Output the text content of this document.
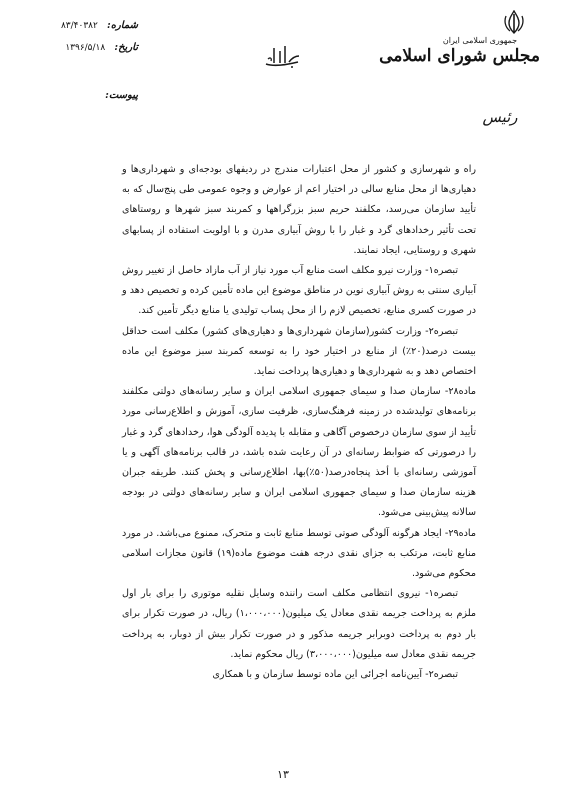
جمهوری اسلامی ایران
مجلس شورای اسلامی
رئیس
شماره: ۸۳/۴۰۳۸۲
تاریخ: ۱۳۹۶/۵/۱۸
پیوست:

راه و شهرسازی و کشور از محل اعتبارات مندرج در ردیفهای بودجه‌ای و شهرداری‌ها و دهیاری‌ها از محل منابع سالی در اختیار اعم از عوارض و وجوه عمومی طی پنج‌سال که به تأیید سازمان می‌رسد، مکلفند حریم سبز بزرگراهها و کمربند سبز شهرها و روستاهای تحت تأثیر رخدادهای گرد و غبار را با روش آبیاری مدرن و با اولویت استفاده از پسابهای شهری و روستایی، ایجاد نمایند.

تبصره۱- وزارت نیرو مکلف است منابع آب مورد نیاز از آب مازاد حاصل از تغییر روش آبیاری سنتی به روش آبیاری نوین در مناطق موضوع این ماده تأمین کرده و تخصیص دهد و در صورت کسری منابع، تخصیص لازم را از محل پساب تولیدی یا منابع دیگر تأمین کند.

تبصره۲- وزارت کشور(سازمان شهرداری‌ها و دهیاری‌های کشور) مکلف است حداقل بیست درصد(۲۰٪) از منابع در اختیار خود را به توسعه کمربند سبز موضوع این ماده اختصاص دهد و به شهرداری‌ها و دهیاری‌ها پرداخت نماید.

ماده۲۸- سازمان صدا و سیمای جمهوری اسلامی ایران و سایر رسانه‌های دولتی مکلفند برنامه‌های تولیدشده در زمینه فرهنگ‌سازی، ظرفیت سازی، آموزش و اطلاع‌رسانی مورد تأیید از سوی سازمان درخصوص آگاهی و مقابله با پدیده آلودگی هوا، رخدادهای گرد و غبار را درصورتی که ضوابط رسانه‌ای در آن رعایت شده باشد، در قالب برنامه‌های آگهی و یا آموزشی رسانه‌ای با أخذ پنجاه‌درصد(۵۰٪)بها، اطلاع‌رسانی و پخش کنند. طریقه جبران هزینه سازمان صدا و سیمای جمهوری اسلامی ایران و سایر رسانه‌های دولتی در بودجه سالانه پیش‌بینی می‌شود.

ماده۲۹- ایجاد هرگونه آلودگی صوتی توسط منابع ثابت و متحرک، ممنوع می‌باشد. در مورد منابع ثابت، مرتکب به جزای نقدی درجه هفت موضوع ماده(۱۹) قانون مجازات اسلامی محکوم می‌شود.

تبصره۱- نیروی انتظامی مکلف است راننده وسایل نقلیه موتوری را برای بار اول ملزم به پرداخت جریمه نقدی معادل یک میلیون(۱،۰۰۰،۰۰۰) ریال، در صورت تکرار برای بار دوم به پرداخت دوبرابر جریمه مذکور و در صورت تکرار بیش از دوبار، به پرداخت جریمه نقدی معادل سه میلیون(۳،۰۰۰،۰۰۰) ریال محکوم نماید.

تبصره۲- آیین‌نامه اجرائی این ماده توسط سازمان و با همکاری

۱۳
